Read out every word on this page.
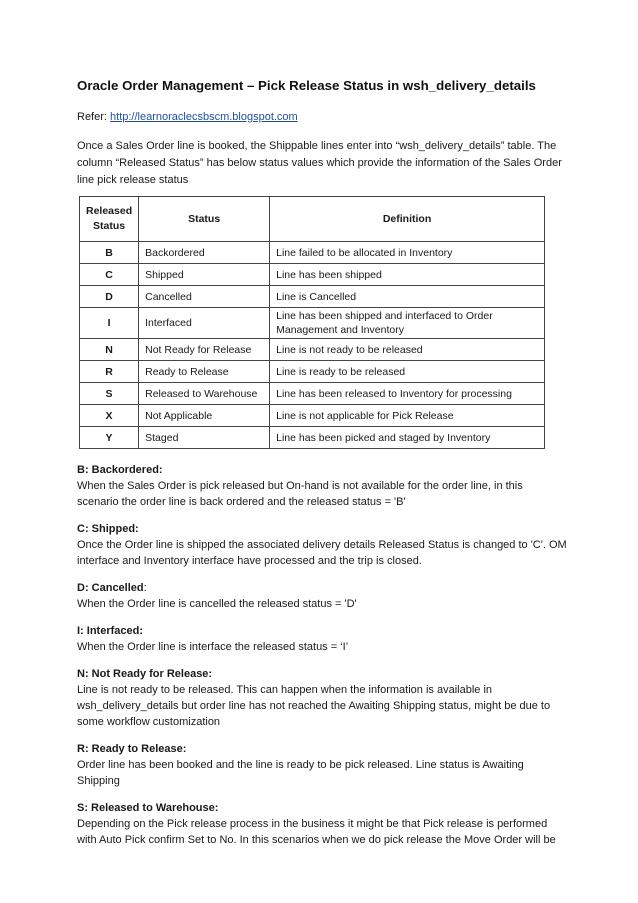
Oracle Order Management – Pick Release Status in wsh_delivery_details
Refer: http://learnoraclecsbscm.blogspot.com
Once a Sales Order line is booked, the Shippable lines enter into “wsh_delivery_details” table. The column “Released Status” has below status values which provide the information of the Sales Order line pick release status
Released Status	Status	Definition
B	Backordered	Line failed to be allocated in Inventory
C	Shipped	Line has been shipped
D	Cancelled	Line is Cancelled
I	Interfaced	Line has been shipped and interfaced to Order Management and Inventory
N	Not Ready for Release	Line is not ready to be released
R	Ready to Release	Line is ready to be released
S	Released to Warehouse	Line has been released to Inventory for processing
X	Not Applicable	Line is not applicable for Pick Release
Y	Staged	Line has been picked and staged by Inventory
B: Backordered:
When the Sales Order is pick released but On-hand is not available for the order line, in this scenario the order line is back ordered and the released status = 'B'
C: Shipped:
Once the Order line is shipped the associated delivery details Released Status is changed to 'C'. OM interface and Inventory interface have processed and the trip is closed.
D: Cancelled:
When the Order line is cancelled the released status = 'D'
I: Interfaced:
When the Order line is interface the released status = ‘I’
N: Not Ready for Release:
Line is not ready to be released. This can happen when the information is available in wsh_delivery_details but order line has not reached the Awaiting Shipping status, might be due to some workflow customization
R: Ready to Release:
Order line has been booked and the line is ready to be pick released. Line status is Awaiting Shipping
S: Released to Warehouse:
Depending on the Pick release process in the business it might be that Pick release is performed with Auto Pick confirm Set to No. In this scenarios when we do pick release the Move Order will be
